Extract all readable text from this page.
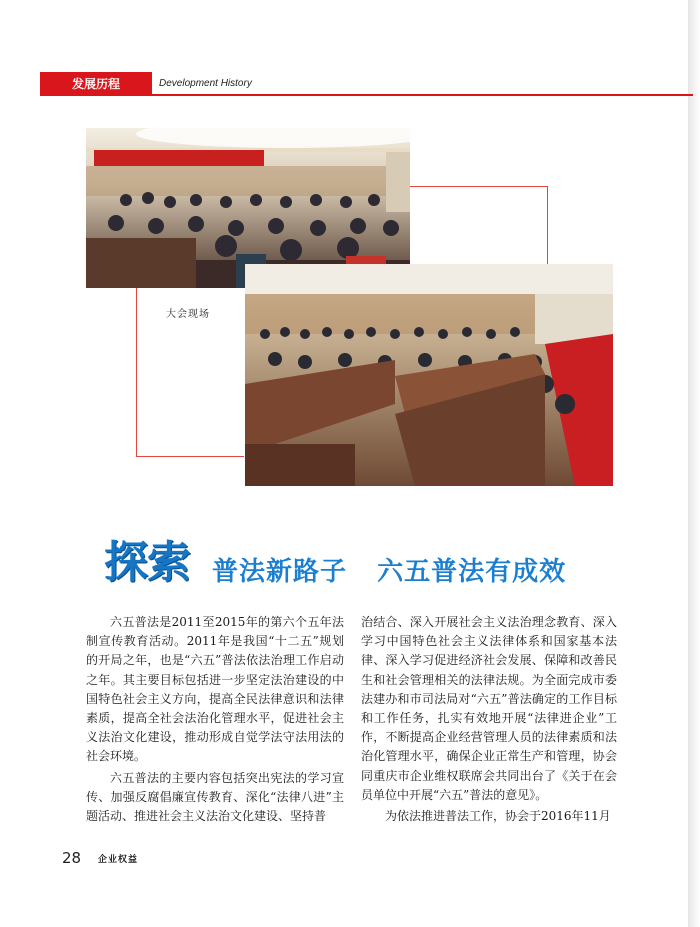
发展历程	Development History
大会现场
探索 普法新路子   六五普法有成效

六五普法是2011至2015年的第六个五年法制宣传教育活动。2011年是我国“十二五”规划的开局之年，也是“六五”普法依法治理工作启动之年。其主要目标包括进一步坚定法治建设的中国特色社会主义方向，提高全民法律意识和法律素质，提高全社会法治化管理水平，促进社会主义法治文化建设，推动形成自觉学法守法用法的社会环境。

六五普法的主要内容包括突出宪法的学习宣传、加强反腐倡廉宣传教育、深化“法律八进”主题活动、推进社会主义法治文化建设、坚持普

治结合、深入开展社会主义法治理念教育、深入学习中国特色社会主义法律体系和国家基本法律、深入学习促进经济社会发展、保障和改善民生和社会管理相关的法律法规。为全面完成市委法建办和市司法局对“六五”普法确定的工作目标和工作任务，扎实有效地开展“法律进企业”工作，不断提高企业经营管理人员的法律素质和法治化管理水平，确保企业正常生产和管理，协会同重庆市企业维权联席会共同出台了《关于在会员单位中开展“六五”普法的意见》。

为依法推进普法工作，协会于2016年11月

28 企业权益
